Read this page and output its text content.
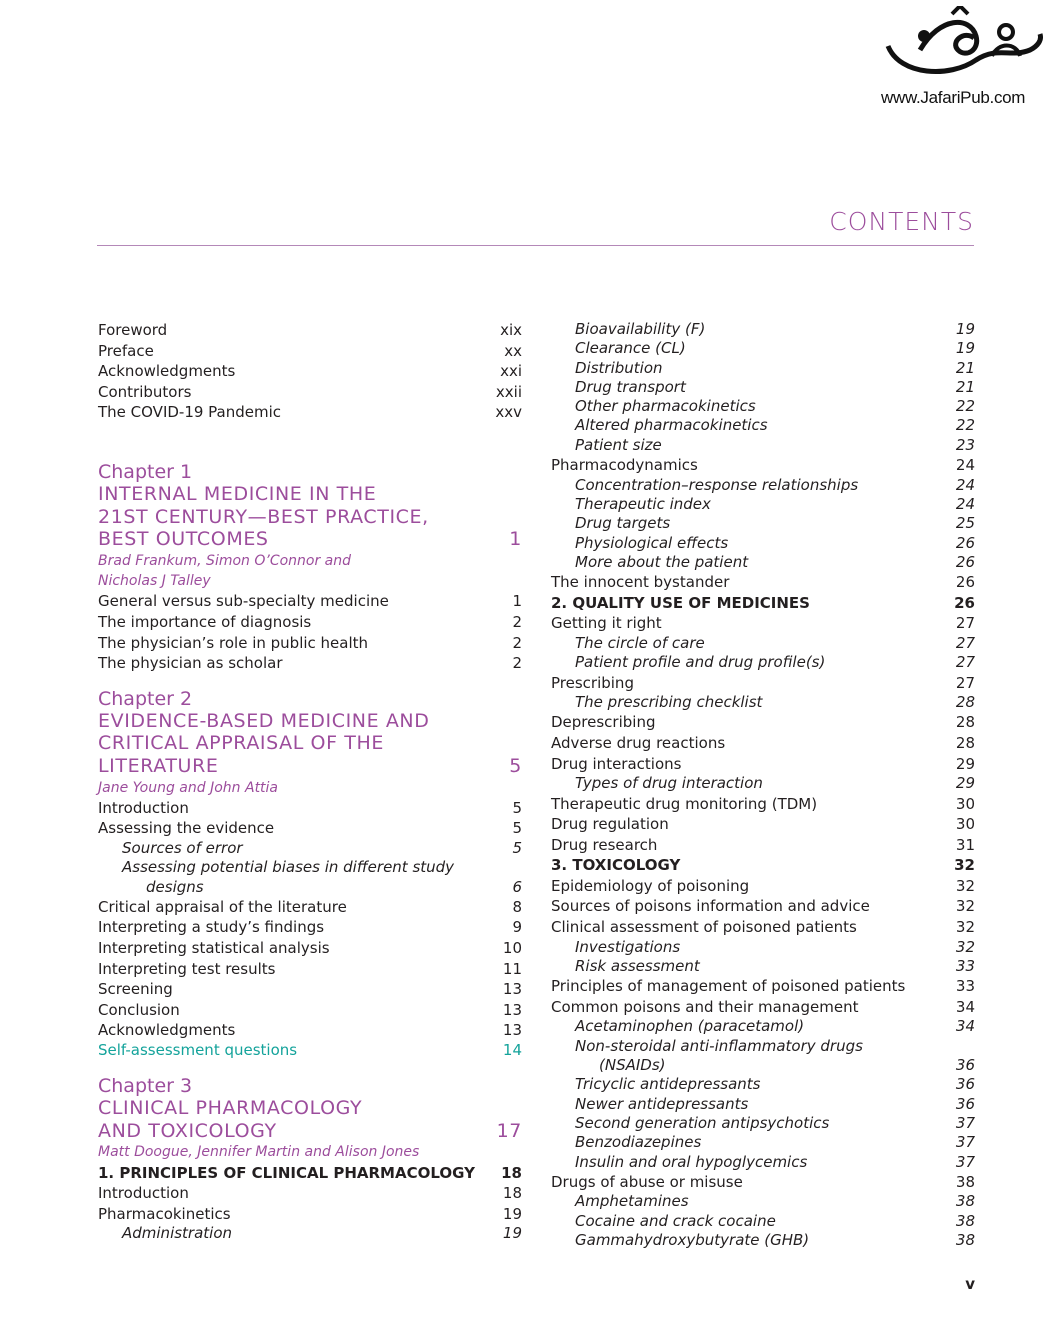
www.JafariPub.com
CONTENTS
Foreword	xix
Preface	xx
Acknowledgments	xxi
Contributors	xxii
The COVID-19 Pandemic	xxv
Chapter 1
INTERNAL MEDICINE IN THE
21ST CENTURY—BEST PRACTICE,
BEST OUTCOMES	1
Brad Frankum, Simon O’Connor and
Nicholas J Talley
General versus sub-specialty medicine	1
The importance of diagnosis	2
The physician’s role in public health	2
The physician as scholar	2
Chapter 2
EVIDENCE-BASED MEDICINE AND
CRITICAL APPRAISAL OF THE
LITERATURE	5
Jane Young and John Attia
Introduction	5
Assessing the evidence	5
Sources of error	5
Assessing potential biases in different study
designs	6
Critical appraisal of the literature	8
Interpreting a study’s findings	9
Interpreting statistical analysis	10
Interpreting test results	11
Screening	13
Conclusion	13
Acknowledgments	13
Self-assessment questions	14
Chapter 3
CLINICAL PHARMACOLOGY
AND TOXICOLOGY	17
Matt Doogue, Jennifer Martin and Alison Jones
1. PRINCIPLES OF CLINICAL PHARMACOLOGY	18
Introduction	18
Pharmacokinetics	19
Administration	19
Bioavailability (F)	19
Clearance (CL)	19
Distribution	21
Drug transport	21
Other pharmacokinetics	22
Altered pharmacokinetics	22
Patient size	23
Pharmacodynamics	24
Concentration–response relationships	24
Therapeutic index	24
Drug targets	25
Physiological effects	26
More about the patient	26
The innocent bystander	26
2. QUALITY USE OF MEDICINES	26
Getting it right	27
The circle of care	27
Patient profile and drug profile(s)	27
Prescribing	27
The prescribing checklist	28
Deprescribing	28
Adverse drug reactions	28
Drug interactions	29
Types of drug interaction	29
Therapeutic drug monitoring (TDM)	30
Drug regulation	30
Drug research	31
3. TOXICOLOGY	32
Epidemiology of poisoning	32
Sources of poisons information and advice	32
Clinical assessment of poisoned patients	32
Investigations	32
Risk assessment	33
Principles of management of poisoned patients	33
Common poisons and their management	34
Acetaminophen (paracetamol)	34
Non-steroidal anti-inflammatory drugs
(NSAIDs)	36
Tricyclic antidepressants	36
Newer antidepressants	36
Second generation antipsychotics	37
Benzodiazepines	37
Insulin and oral hypoglycemics	37
Drugs of abuse or misuse	38
Amphetamines	38
Cocaine and crack cocaine	38
Gammahydroxybutyrate (GHB)	38
v
